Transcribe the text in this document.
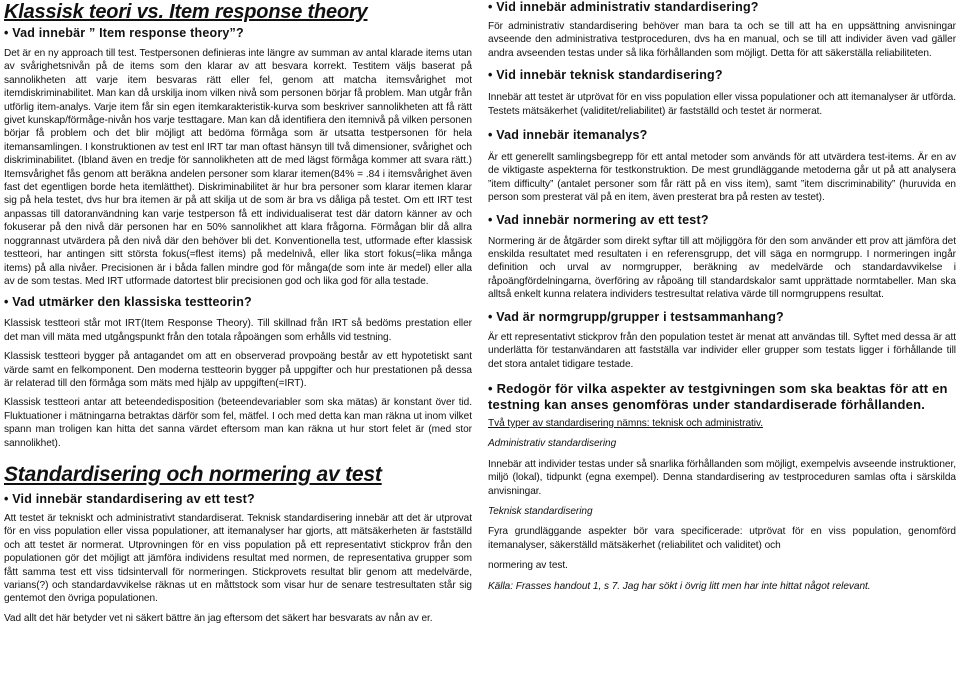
Klassisk teori vs. Item response theory
• Vad innebär ” Item response theory”?
Det är en ny approach till test. Testpersonen definieras inte längre av summan av antal klarade items utan av svårighetsnivån på de items som den klarar av att besvara korrekt. Testitem väljs baserat på sannolikheten att varje item besvaras rätt eller fel, genom att matcha itemsvårighet mot itemdiskriminabilitet. Man kan då urskilja inom vilken nivå som personen börjar få problem. Man utgår från utförlig item-analys. Varje item får sin egen itemkarakteristik-kurva som beskriver sannolikheten att få rätt givet kunskap/förmåge-nivån hos varje testtagare. Man kan då identifiera den itemnivå på vilken personen börjar få problem och det blir möjligt att bedöma förmåga som är utsatta testpersonen för hela itemansamlingen. I konstruktionen av test enl IRT tar man oftast hänsyn till två dimensioner, svårighet och diskriminabilitet. (Ibland även en tredje för sannolikheten att de med lägst förmåga kommer att svara rätt.) Itemsvårighet fås genom att beräkna andelen personer som klarar itemen(84% = .84 i itemsvårighet även fast det egentligen borde heta itemlätthet). Diskriminabilitet är hur bra personer som klarar itemen klarar sig på hela testet, dvs hur bra itemen är på att skilja ut de som är bra vs dåliga på testet. Om ett IRT test anpassas till datoranvändning kan varje testperson få ett individualiserat test där datorn känner av och fokuserar på den nivå där personen har en 50% sannolikhet att klara frågorna. Förmågan blir då allra noggrannast utvärdera på den nivå där den behöver bli det. Konventionella test, utformade efter klassisk testteori, har antingen sitt största fokus(=flest items) på medelnivå, eller lika stort fokus(=lika många items) på alla nivåer. Precisionen är i båda fallen mindre god för många(de som inte är medel) eller alla av de som testas. Med IRT utformade datortest blir precisionen god och lika god för alla testade.
• Vad utmärker den klassiska testteorin?
Klassisk testteori står mot IRT(Item Response Theory). Till skillnad från IRT så bedöms prestation eller det man vill mäta med utgångspunkt från den totala råpoängen som erhålls vid testning.
Klassisk testteori bygger på antagandet om att en observerad provpoäng består av ett hypotetiskt sant värde samt en felkomponent. Den moderna testteorin bygger på uppgifter och hur prestationen på dessa är relaterad till den förmåga som mäts med hjälp av uppgiften(=IRT).
Klassisk testteori antar att beteendedisposition (beteendevariabler som ska mätas) är konstant över tid. Fluktuationer i mätningarna betraktas därför som fel, mätfel. I och med detta kan man räkna ut inom vilket spann man troligen kan hitta det sanna värdet eftersom man kan räkna ut hur stort felet är (med stor sannolikhet).
Standardisering och normering av test
• Vid innebär standardisering av ett test?
Att testet är tekniskt och administrativt standardiserat. Teknisk standardisering innebär att det är utprovat för en viss population eller vissa populationer, att itemanalyser har gjorts, att mätsäkerheten är fastställd och att testet är normerat. Utprovningen för en viss population på ett representativt stickprov från den populationen gör det möjligt att jämföra individens resultat med normen, de representativa grupper som fått samma test ett viss tidsintervall för normeringen. Stickprovets resultat blir genom att medelvärde, varians(?) och standardavvikelse räknas ut en måttstock som visar hur de senare testresultaten står sig gentemot den övriga populationen.
Vad allt det här betyder vet ni säkert bättre än jag eftersom det säkert har besvarats av nån av er.
• Vid innebär administrativ standardisering?
För administrativ standardisering behöver man bara ta och se till att ha en uppsättning anvisningar avseende den administrativa testproceduren, dvs ha en manual, och se till att individer även vad gäller andra avseenden testas under så lika förhållanden som möjligt. Detta för att säkerställa reliabiliteten.
• Vid innebär teknisk standardisering?
Innebär att testet är utprövat för en viss population eller vissa populationer och att itemanalyser är utförda. Testets mätsäkerhet (validitet/reliabilitet) är fastställd och testet är normerat.
• Vad innebär itemanalys?
Är ett generellt samlingsbegrepp för ett antal metoder som används för att utvärdera test-items. Är en av de viktigaste aspekterna för testkonstruktion. De mest grundläggande metoderna går ut på att analysera ”item difficulty” (antalet personer som får rätt på en viss item), samt ”item discriminability” (huruvida en person som presterat väl på en item, även presterat bra på resten av testet).
• Vad innebär normering av ett test?
Normering är de åtgärder som direkt syftar till att möjliggöra för den som använder ett prov att jämföra det enskilda resultatet med resultaten i en referensgrupp, det vill säga en normgrupp. I normeringen ingår definition och urval av normgrupper, beräkning av medelvärde och standardavvikelse i råpoängfördelningarna, överföring av råpoäng till standardskalor samt upprättade normtabeller. Man ska alltså enkelt kunna relatera individers testresultat relativa värde till normgruppens resultat.
• Vad är normgrupp/grupper i testsammanhang?
Är ett representativt stickprov från den population testet är menat att användas till. Syftet med dessa är att underlätta för testanvändaren att fastställa var individer eller grupper som testats ligger i förhållande till det stora antalet tidigare testade.
• Redogör för vilka aspekter av testgivningen som ska beaktas för att en testning kan anses genomföras under standardiserade förhållanden.
Två typer av standardisering nämns: teknisk och administrativ.
Administrativ standardisering
Innebär att individer testas under så snarlika förhållanden som möjligt, exempelvis avseende instruktioner, miljö (lokal), tidpunkt (egna exempel). Denna standardisering av testproceduren samlas ofta i särskilda anvisningar.
Teknisk standardisering
Fyra grundläggande aspekter bör vara specificerade: utprövat för en viss population, genomförd itemanalyser, säkerställd mätsäkerhet (reliabilitet och validitet) och
normering av test.
Källa: Frasses handout 1, s 7. Jag har sökt i övrig litt men har inte hittat något relevant.
